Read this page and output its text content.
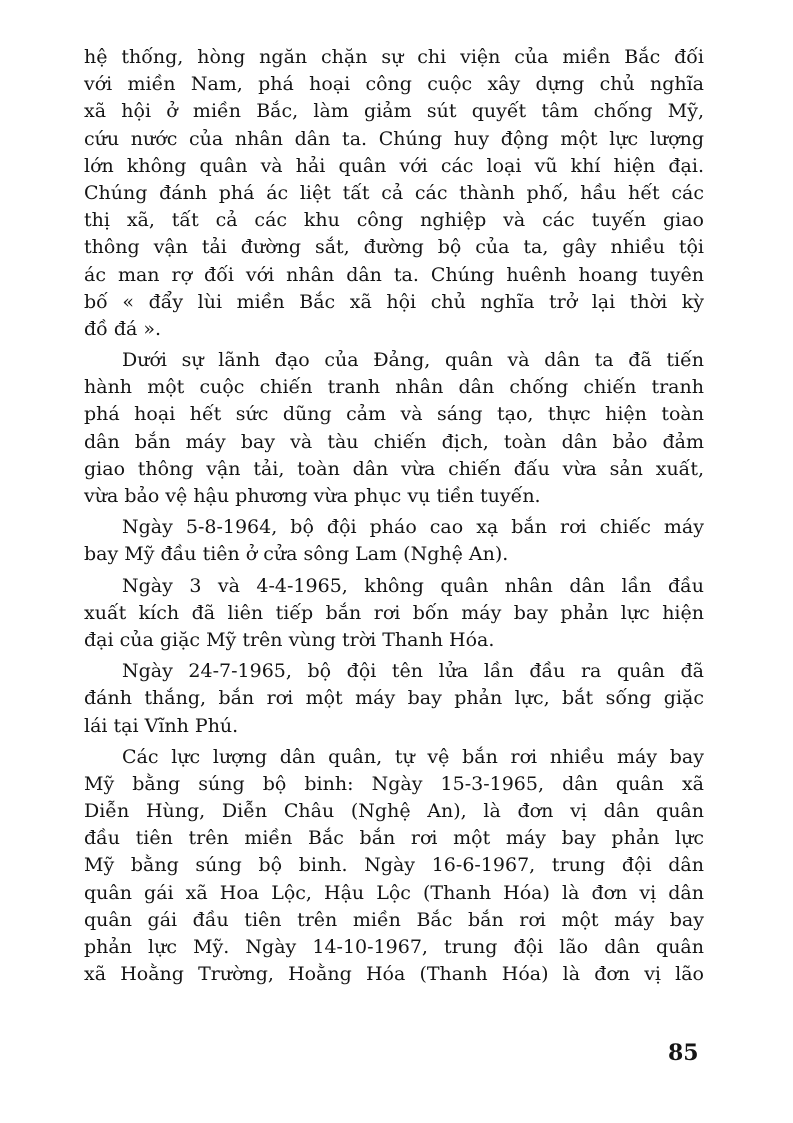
hệ thống, hòng ngăn chặn sự chi viện của miền Bắc đối
với miền Nam, phá hoại công cuộc xây dựng chủ nghĩa
xã hội ở miền Bắc, làm giảm sút quyết tâm chống Mỹ,
cứu nước của nhân dân ta. Chúng huy động một lực lượng
lớn không quân và hải quân với các loại vũ khí hiện đại.
Chúng đánh phá ác liệt tất cả các thành phố, hầu hết các
thị xã, tất cả các khu công nghiệp và các tuyến giao
thông vận tải đường sắt, đường bộ của ta, gây nhiều tội
ác man rợ đối với nhân dân ta. Chúng huênh hoang tuyên
bố « đẩy lùi miền Bắc xã hội chủ nghĩa trở lại thời kỳ
đồ đá ».
Dưới sự lãnh đạo của Đảng, quân và dân ta đã tiến
hành một cuộc chiến tranh nhân dân chống chiến tranh
phá hoại hết sức dũng cảm và sáng tạo, thực hiện toàn
dân bắn máy bay và tàu chiến địch, toàn dân bảo đảm
giao thông vận tải, toàn dân vừa chiến đấu vừa sản xuất,
vừa bảo vệ hậu phương vừa phục vụ tiền tuyến.
Ngày 5-8-1964, bộ đội pháo cao xạ bắn rơi chiếc máy
bay Mỹ đầu tiên ở cửa sông Lam (Nghệ An).
Ngày 3 và 4-4-1965, không quân nhân dân lần đầu
xuất kích đã liên tiếp bắn rơi bốn máy bay phản lực hiện
đại của giặc Mỹ trên vùng trời Thanh Hóa.
Ngày 24-7-1965, bộ đội tên lửa lần đầu ra quân đã
đánh thắng, bắn rơi một máy bay phản lực, bắt sống giặc
lái tại Vĩnh Phú.
Các lực lượng dân quân, tự vệ bắn rơi nhiều máy bay
Mỹ bằng súng bộ binh: Ngày 15-3-1965, dân quân xã
Diễn Hùng, Diễn Châu (Nghệ An), là đơn vị dân quân
đầu tiên trên miền Bắc bắn rơi một máy bay phản lực
Mỹ bằng súng bộ binh. Ngày 16-6-1967, trung đội dân
quân gái xã Hoa Lộc, Hậu Lộc (Thanh Hóa) là đơn vị dân
quân gái đầu tiên trên miền Bắc bắn rơi một máy bay
phản lực Mỹ. Ngày 14-10-1967, trung đội lão dân quân
xã Hoằng Trường, Hoằng Hóa (Thanh Hóa) là đơn vị lão
85
